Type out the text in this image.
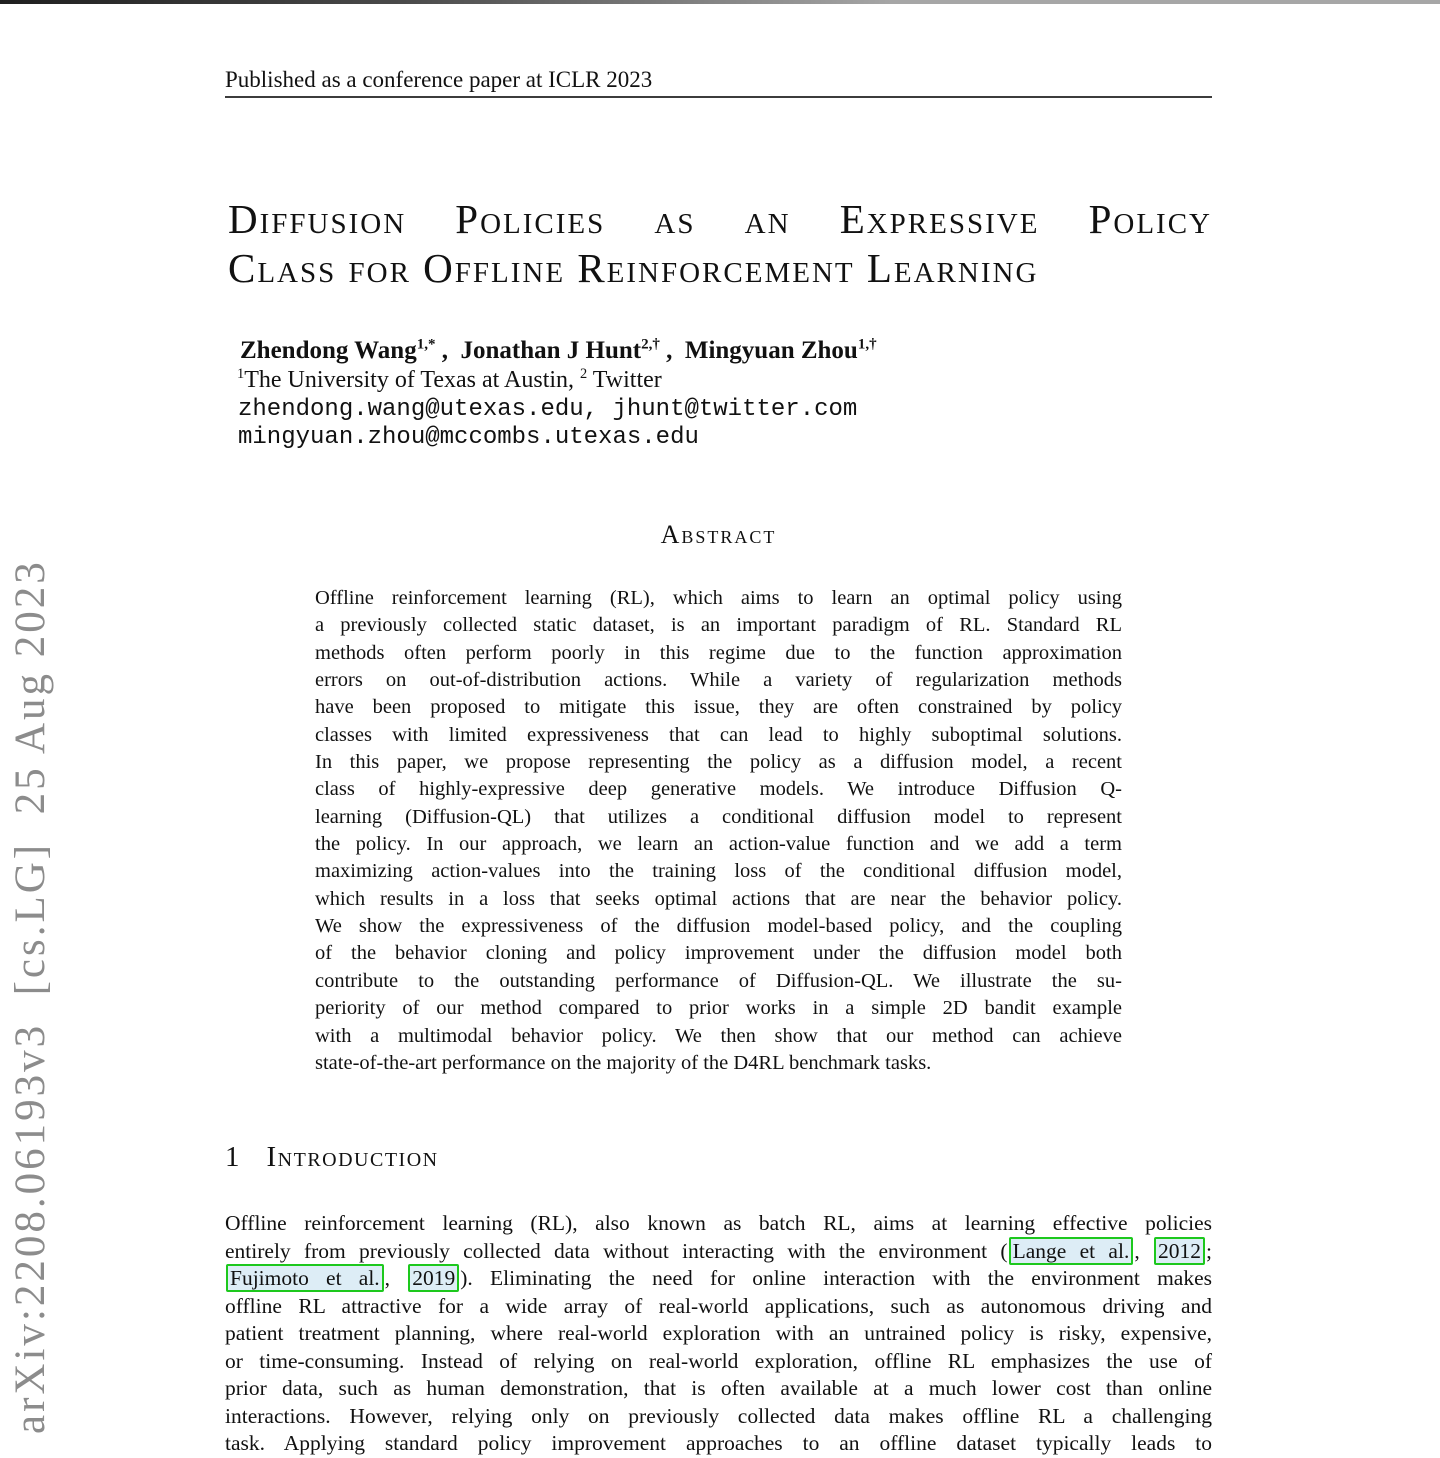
arXiv:2208.06193v3  [cs.LG]  25 Aug 2023
Published as a conference paper at ICLR 2023
Diffusion Policies as an Expressive Policy
Class for Offline Reinforcement Learning
Zhendong Wang$^{1,*}$ ,  Jonathan J Hunt$^{2,\dagger}$ ,  Mingyuan Zhou$^{1,\dagger}$
$^1$The University of Texas at Austin, $^2$ Twitter
zhendong.wang@utexas.edu, jhunt@twitter.com
mingyuan.zhou@mccombs.utexas.edu
Abstract
Offline reinforcement learning (RL), which aims to learn an optimal policy using
a previously collected static dataset, is an important paradigm of RL. Standard RL
methods often perform poorly in this regime due to the function approximation
errors on out-of-distribution actions. While a variety of regularization methods
have been proposed to mitigate this issue, they are often constrained by policy
classes with limited expressiveness that can lead to highly suboptimal solutions.
In this paper, we propose representing the policy as a diffusion model, a recent
class of highly-expressive deep generative models. We introduce Diffusion Q-
learning (Diffusion-QL) that utilizes a conditional diffusion model to represent
the policy. In our approach, we learn an action-value function and we add a term
maximizing action-values into the training loss of the conditional diffusion model,
which results in a loss that seeks optimal actions that are near the behavior policy.
We show the expressiveness of the diffusion model-based policy, and the coupling
of the behavior cloning and policy improvement under the diffusion model both
contribute to the outstanding performance of Diffusion-QL. We illustrate the su-
periority of our method compared to prior works in a simple 2D bandit example
with a multimodal behavior policy. We then show that our method can achieve
state-of-the-art performance on the majority of the D4RL benchmark tasks.
1 Introduction
Offline reinforcement learning (RL), also known as batch RL, aims at learning effective policies
entirely from previously collected data without interacting with the environment ( Lange et al. , 2012 ;
Fujimoto et al. , 2019 ). Eliminating the need for online interaction with the environment makes
offline RL attractive for a wide array of real-world applications, such as autonomous driving and
patient treatment planning, where real-world exploration with an untrained policy is risky, expensive,
or time-consuming. Instead of relying on real-world exploration, offline RL emphasizes the use of
prior data, such as human demonstration, that is often available at a much lower cost than online
interactions. However, relying only on previously collected data makes offline RL a challenging
task. Applying standard policy improvement approaches to an offline dataset typically leads to
